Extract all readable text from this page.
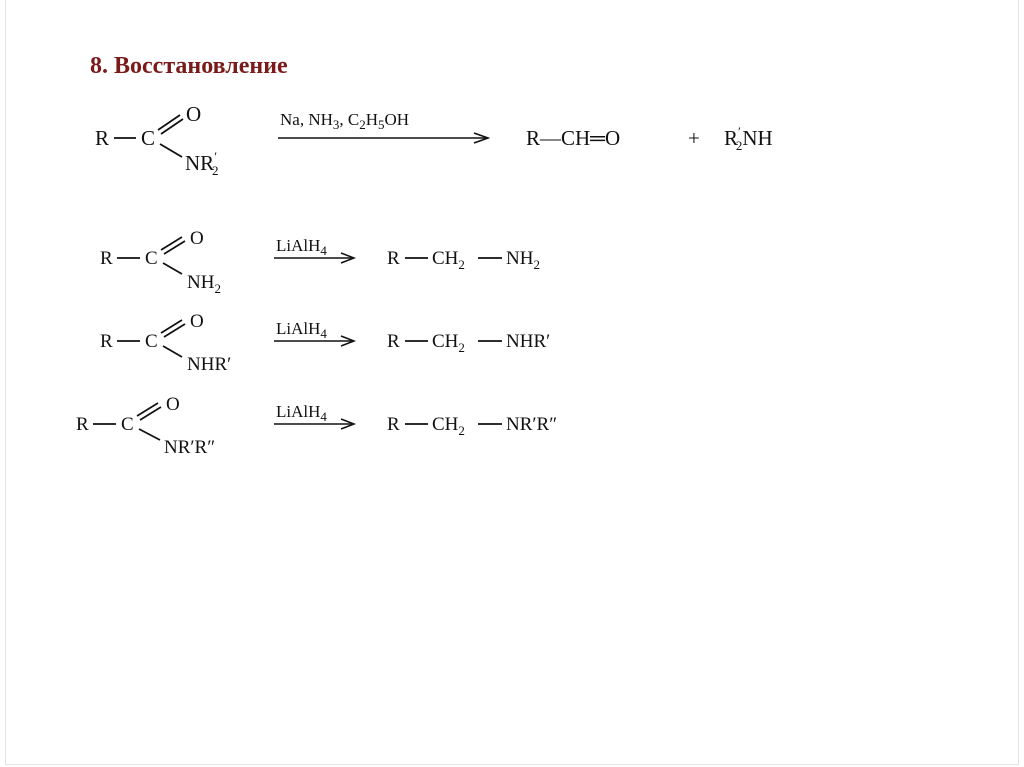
8. Восстановление
R C
O
NR′ 2
Na, $NH_3$, $C_2H_5OH$
R—CH═O	+ R′ 2NH
R C
O
$NH_2$
LiAlH$_4$	R $CH_2$ $NH_2$
R C
O
NHR′
LiAlH$_4$	R $CH_2$ NHR′
R C
O
NR′R″
LiAlH$_4$	R $CH_2$ NR′R″
